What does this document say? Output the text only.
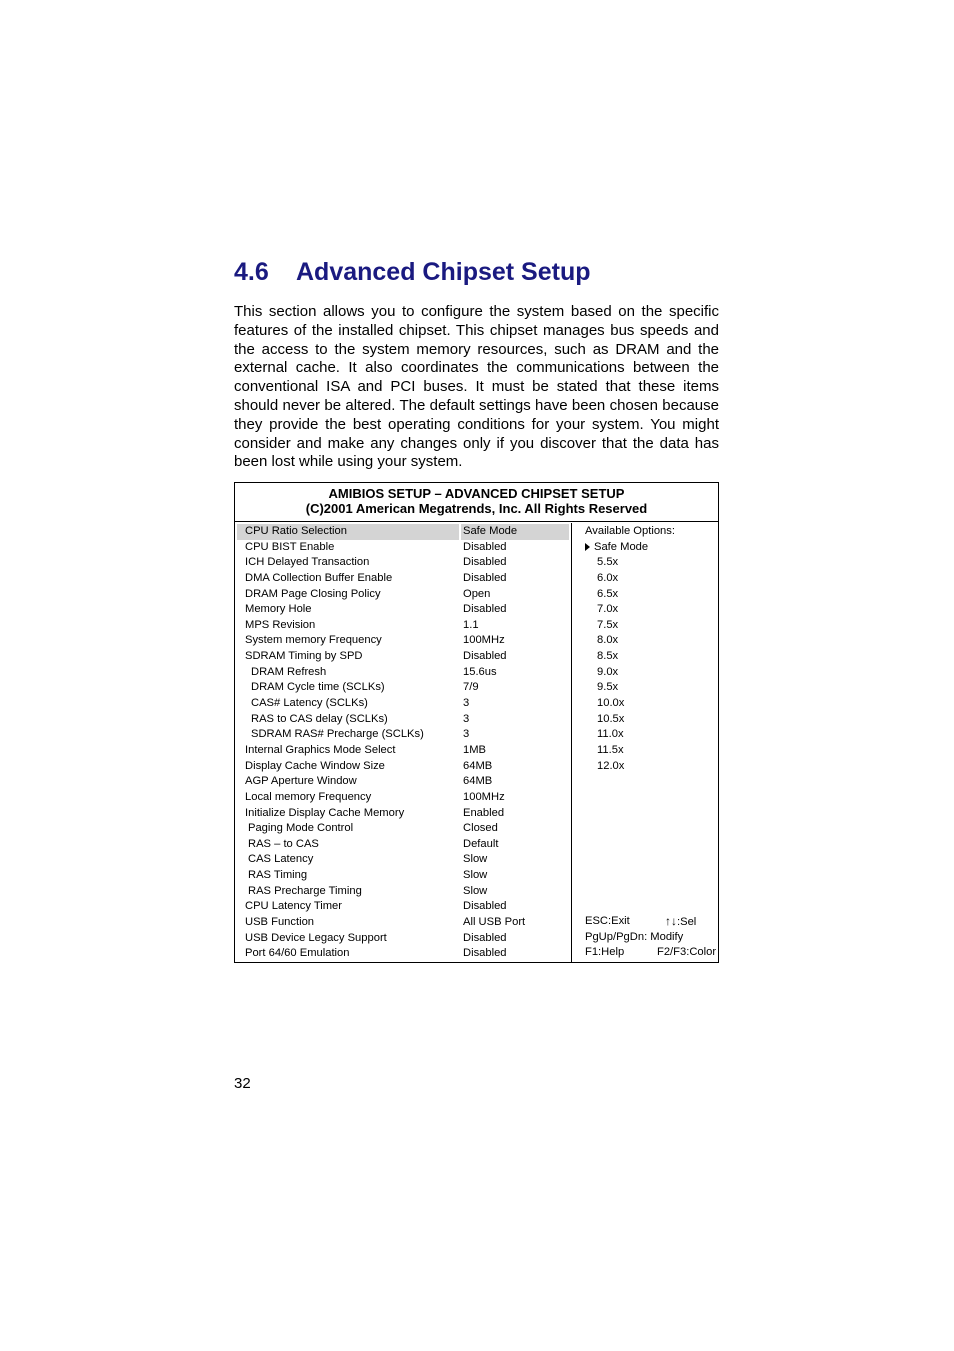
4.6 Advanced Chipset Setup

This section allows you to configure the system based on the specific features of the installed chipset. This chipset manages bus speeds and the access to the system memory resources, such as DRAM and the external cache. It also coordinates the communications between the conventional ISA and PCI buses. It must be stated that these items should never be altered. The default settings have been chosen because they provide the best operating conditions for your system. You might consider and make any changes only if you discover that the data has been lost while using your system.

AMIBIOS SETUP – ADVANCED CHIPSET SETUP
(C)2001 American Megatrends, Inc. All Rights Reserved
CPU Ratio Selection	Safe Mode
CPU BIST Enable	Disabled
ICH Delayed Transaction	Disabled
DMA Collection Buffer Enable	Disabled
DRAM Page Closing Policy	Open
Memory Hole	Disabled
MPS Revision	1.1
System memory Frequency	100MHz
SDRAM Timing by SPD	Disabled
DRAM Refresh	15.6us
DRAM Cycle time (SCLKs)	7/9
CAS# Latency (SCLKs)	3
RAS to CAS delay (SCLKs)	3
SDRAM RAS# Precharge (SCLKs)	3
Internal Graphics Mode Select	1MB
Display Cache Window Size	64MB
AGP Aperture Window	64MB
Local memory Frequency	100MHz
Initialize Display Cache Memory	Enabled
Paging Mode Control	Closed
RAS – to CAS	Default
CAS Latency	Slow
RAS Timing	Slow
RAS Precharge Timing	Slow
CPU Latency Timer	Disabled
USB Function	All USB Port
USB Device Legacy Support	Disabled
Port 64/60 Emulation	Disabled
Available Options:
Safe Mode
5.5x
6.0x
6.5x
7.0x
7.5x
8.0x
8.5x
9.0x
9.5x
10.0x
10.5x
11.0x
11.5x
12.0x
ESC:Exit	↑↓:Sel
PgUp/PgDn: Modify
F1:Help	F2/F3:Color
32
